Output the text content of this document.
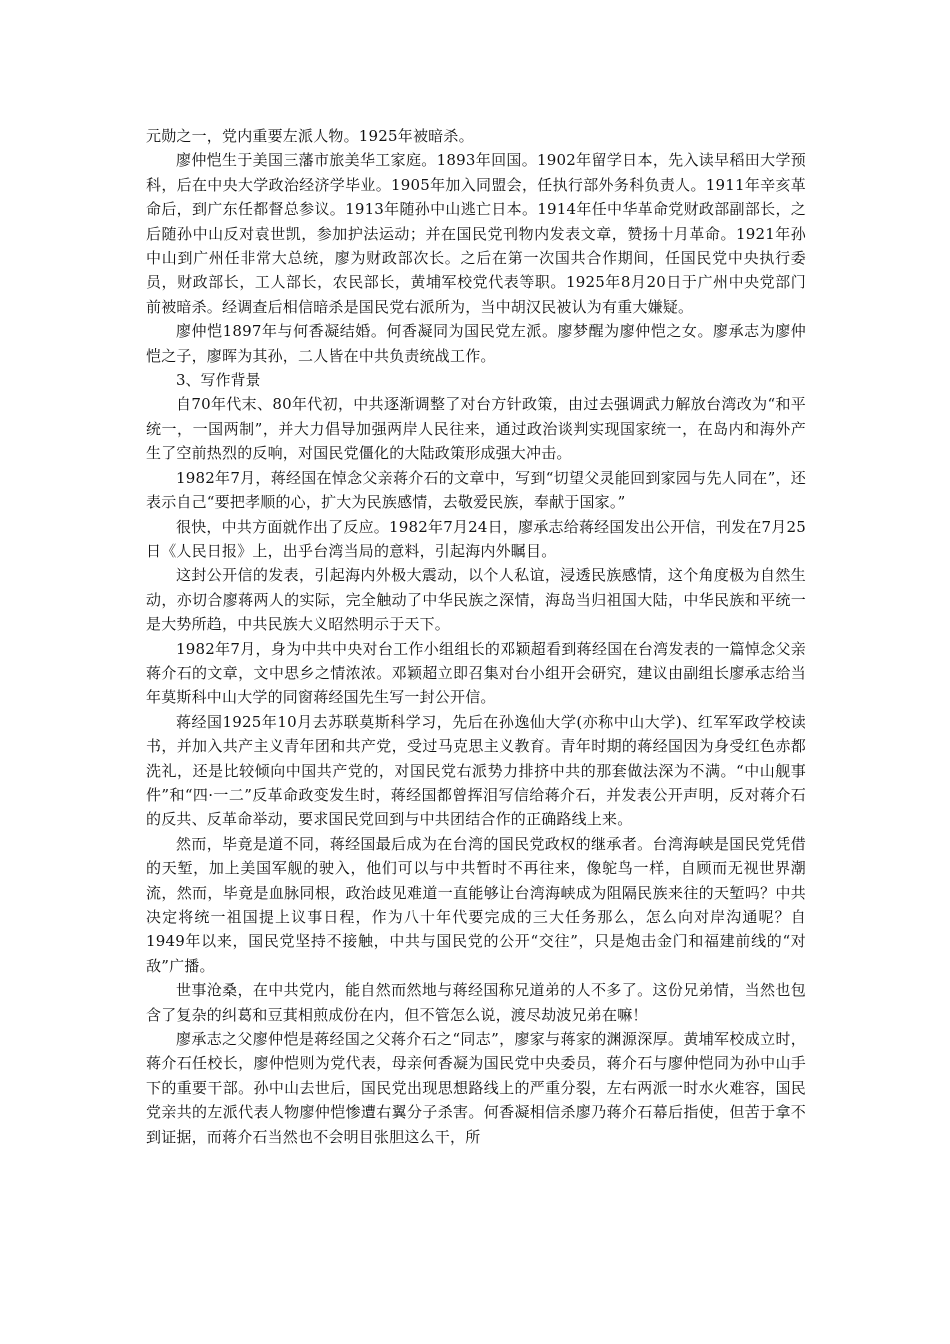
元勋之一，党内重要左派人物。1925年被暗杀。

廖仲恺生于美国三藩市旅美华工家庭。1893年回国。1902年留学日本，先入读早稻田大学预科，后在中央大学政治经济学毕业。1905年加入同盟会，任执行部外务科负责人。1911年辛亥革命后，到广东任都督总参议。1913年随孙中山逃亡日本。1914年任中华革命党财政部副部长，之后随孙中山反对袁世凯，参加护法运动；并在国民党刊物内发表文章，赞扬十月革命。1921年孙中山到广州任非常大总统，廖为财政部次长。之后在第一次国共合作期间，任国民党中央执行委员，财政部长，工人部长，农民部长，黄埔军校党代表等职。1925年8月20日于广州中央党部门前被暗杀。经调查后相信暗杀是国民党右派所为，当中胡汉民被认为有重大嫌疑。

廖仲恺1897年与何香凝结婚。何香凝同为国民党左派。廖梦醒为廖仲恺之女。廖承志为廖仲恺之子，廖晖为其孙，二人皆在中共负责统战工作。

3、写作背景

自70年代末、80年代初，中共逐渐调整了对台方针政策，由过去强调武力解放台湾改为“和平统一，一国两制”，并大力倡导加强两岸人民往来，通过政治谈判实现国家统一，在岛内和海外产生了空前热烈的反响，对国民党僵化的大陆政策形成强大冲击。

1982年7月，蒋经国在悼念父亲蒋介石的文章中，写到“切望父灵能回到家园与先人同在”，还表示自己“要把孝顺的心，扩大为民族感情，去敬爱民族，奉献于国家。”

很快，中共方面就作出了反应。1982年7月24日，廖承志给蒋经国发出公开信，刊发在7月25日《人民日报》上，出乎台湾当局的意料，引起海内外瞩目。

这封公开信的发表，引起海内外极大震动，以个人私谊，浸透民族感情，这个角度极为自然生动，亦切合廖蒋两人的实际，完全触动了中华民族之深情，海岛当归祖国大陆，中华民族和平统一是大势所趋，中共民族大义昭然明示于天下。

1982年7月，身为中共中央对台工作小组组长的邓颖超看到蒋经国在台湾发表的一篇悼念父亲蒋介石的文章，文中思乡之情浓浓。邓颖超立即召集对台小组开会研究，建议由副组长廖承志给当年莫斯科中山大学的同窗蒋经国先生写一封公开信。

蒋经国1925年10月去苏联莫斯科学习，先后在孙逸仙大学(亦称中山大学)、红军军政学校读书，并加入共产主义青年团和共产党，受过马克思主义教育。青年时期的蒋经国因为身受红色赤都洗礼，还是比较倾向中国共产党的，对国民党右派势力排挤中共的那套做法深为不满。“中山舰事件”和“四·一二”反革命政变发生时，蒋经国都曾挥泪写信给蒋介石，并发表公开声明，反对蒋介石的反共、反革命举动，要求国民党回到与中共团结合作的正确路线上来。

然而，毕竟是道不同，蒋经国最后成为在台湾的国民党政权的继承者。台湾海峡是国民党凭借的天堑，加上美国军舰的驶入，他们可以与中共暂时不再往来，像鸵鸟一样，自顾而无视世界潮流，然而，毕竟是血脉同根，政治歧见难道一直能够让台湾海峡成为阻隔民族来往的天堑吗？中共决定将统一祖国提上议事日程，作为八十年代要完成的三大任务那么，怎么向对岸沟通呢？自1949年以来，国民党坚持不接触，中共与国民党的公开“交往”，只是炮击金门和福建前线的“对敌”广播。

世事沧桑，在中共党内，能自然而然地与蒋经国称兄道弟的人不多了。这份兄弟情，当然也包含了复杂的纠葛和豆萁相煎成份在内，但不管怎么说，渡尽劫波兄弟在嘛！

廖承志之父廖仲恺是蒋经国之父蒋介石之“同志”，廖家与蒋家的渊源深厚。黄埔军校成立时，蒋介石任校长，廖仲恺则为党代表，母亲何香凝为国民党中央委员，蒋介石与廖仲恺同为孙中山手下的重要干部。孙中山去世后，国民党出现思想路线上的严重分裂，左右两派一时水火难容，国民党亲共的左派代表人物廖仲恺惨遭右翼分子杀害。何香凝相信杀廖乃蒋介石幕后指使，但苦于拿不到证据，而蒋介石当然也不会明目张胆这么干，所
